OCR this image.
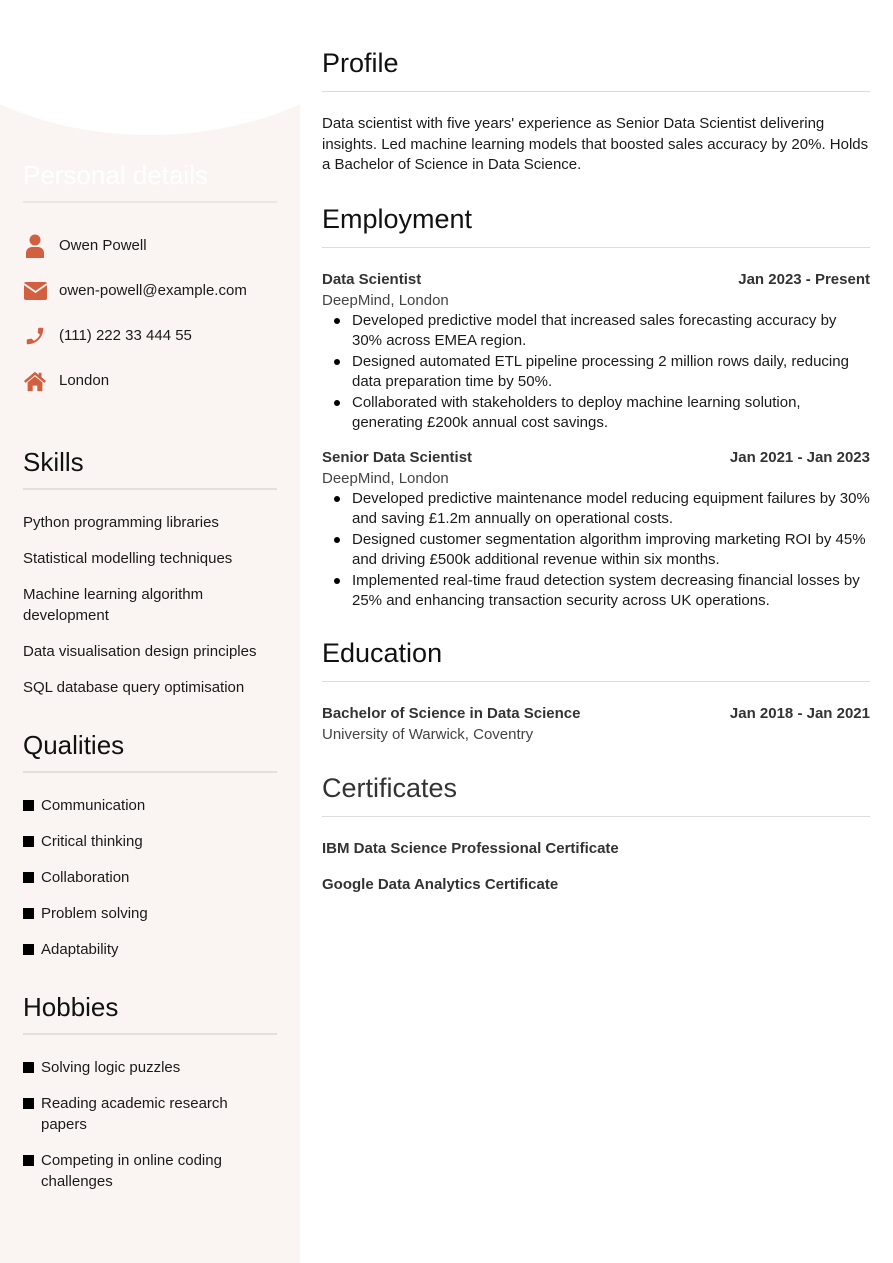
Personal details
Owen Powell
owen-powell@example.com
(111) 222 33 444 55
London
Skills
Python programming libraries
Statistical modelling techniques
Machine learning algorithm development
Data visualisation design principles
SQL database query optimisation
Qualities
Communication
Critical thinking
Collaboration
Problem solving
Adaptability
Hobbies
Solving logic puzzles
Reading academic research papers
Competing in online coding challenges
Profile

Data scientist with five years' experience as Senior Data Scientist delivering insights. Led machine learning models that boosted sales accuracy by 20%. Holds a Bachelor of Science in Data Science.

Employment
Data Scientist	Jan 2023 - Present
DeepMind, London
Developed predictive model that increased sales forecasting accuracy by 30% across EMEA region.
Designed automated ETL pipeline processing 2 million rows daily, reducing data preparation time by 50%.
Collaborated with stakeholders to deploy machine learning solution, generating £200k annual cost savings.
Senior Data Scientist	Jan 2021 - Jan 2023
DeepMind, London
Developed predictive maintenance model reducing equipment failures by 30% and saving £1.2m annually on operational costs.
Designed customer segmentation algorithm improving marketing ROI by 45% and driving £500k additional revenue within six months.
Implemented real-time fraud detection system decreasing financial losses by 25% and enhancing transaction security across UK operations.
Education
Bachelor of Science in Data Science	Jan 2018 - Jan 2021
University of Warwick, Coventry
Certificates
IBM Data Science Professional Certificate
Google Data Analytics Certificate
